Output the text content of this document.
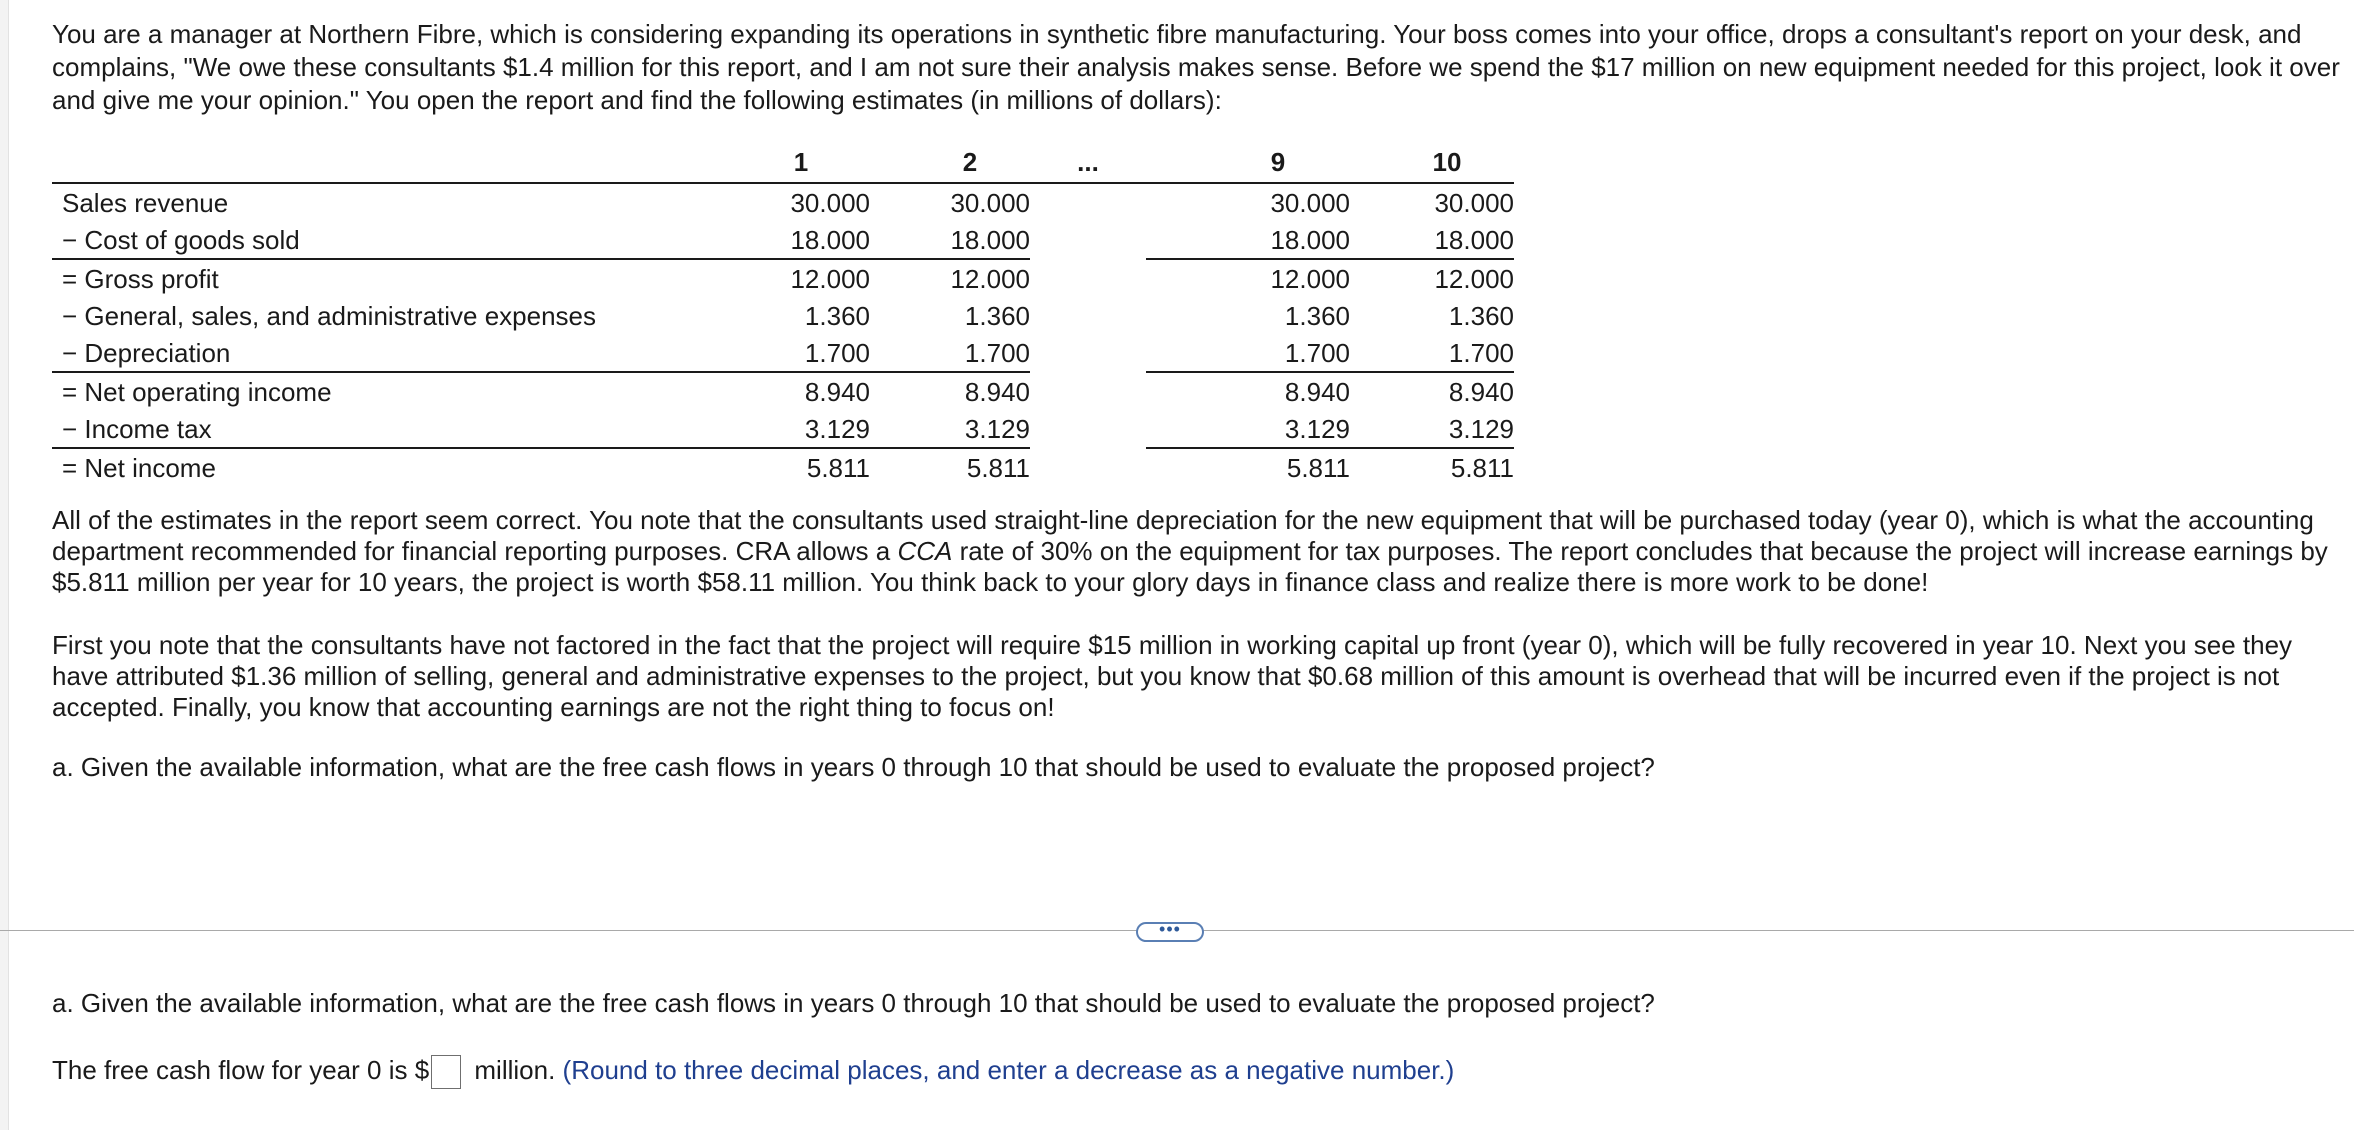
You are a manager at Northern Fibre, which is considering expanding its operations in synthetic fibre manufacturing. Your boss comes into your office, drops a consultant's report on your desk, and complains, "We owe these consultants $1.4 million for this report, and I am not sure their analysis makes sense. Before we spend the $17 million on new equipment needed for this project, look it over and give me your opinion." You open the report and find the following estimates (in millions of dollars):

	1	2	...	9	10
Sales revenue	30.000	30.000		30.000	30.000
− Cost of goods sold	18.000	18.000		18.000	18.000
= Gross profit	12.000	12.000		12.000	12.000
− General, sales, and administrative expenses	1.360	1.360		1.360	1.360
− Depreciation	1.700	1.700		1.700	1.700
= Net operating income	8.940	8.940		8.940	8.940
− Income tax	3.129	3.129		3.129	3.129
= Net income	5.811	5.811		5.811	5.811

All of the estimates in the report seem correct. You note that the consultants used straight-line depreciation for the new equipment that will be purchased today (year 0), which is what the accounting department recommended for financial reporting purposes. CRA allows a CCA rate of 30% on the equipment for tax purposes. The report concludes that because the project will increase earnings by $5.811 million per year for 10 years, the project is worth $58.11 million. You think back to your glory days in finance class and realize there is more work to be done!

First you note that the consultants have not factored in the fact that the project will require $15 million in working capital up front (year 0), which will be fully recovered in year 10. Next you see they have attributed $1.36 million of selling, general and administrative expenses to the project, but you know that $0.68 million of this amount is overhead that will be incurred even if the project is not accepted. Finally, you know that accounting earnings are not the right thing to focus on!

a. Given the available information, what are the free cash flows in years 0 through 10 that should be used to evaluate the proposed project?

•••

a. Given the available information, what are the free cash flows in years 0 through 10 that should be used to evaluate the proposed project?

The free cash flow for year 0 is $ million. (Round to three decimal places, and enter a decrease as a negative number.)
